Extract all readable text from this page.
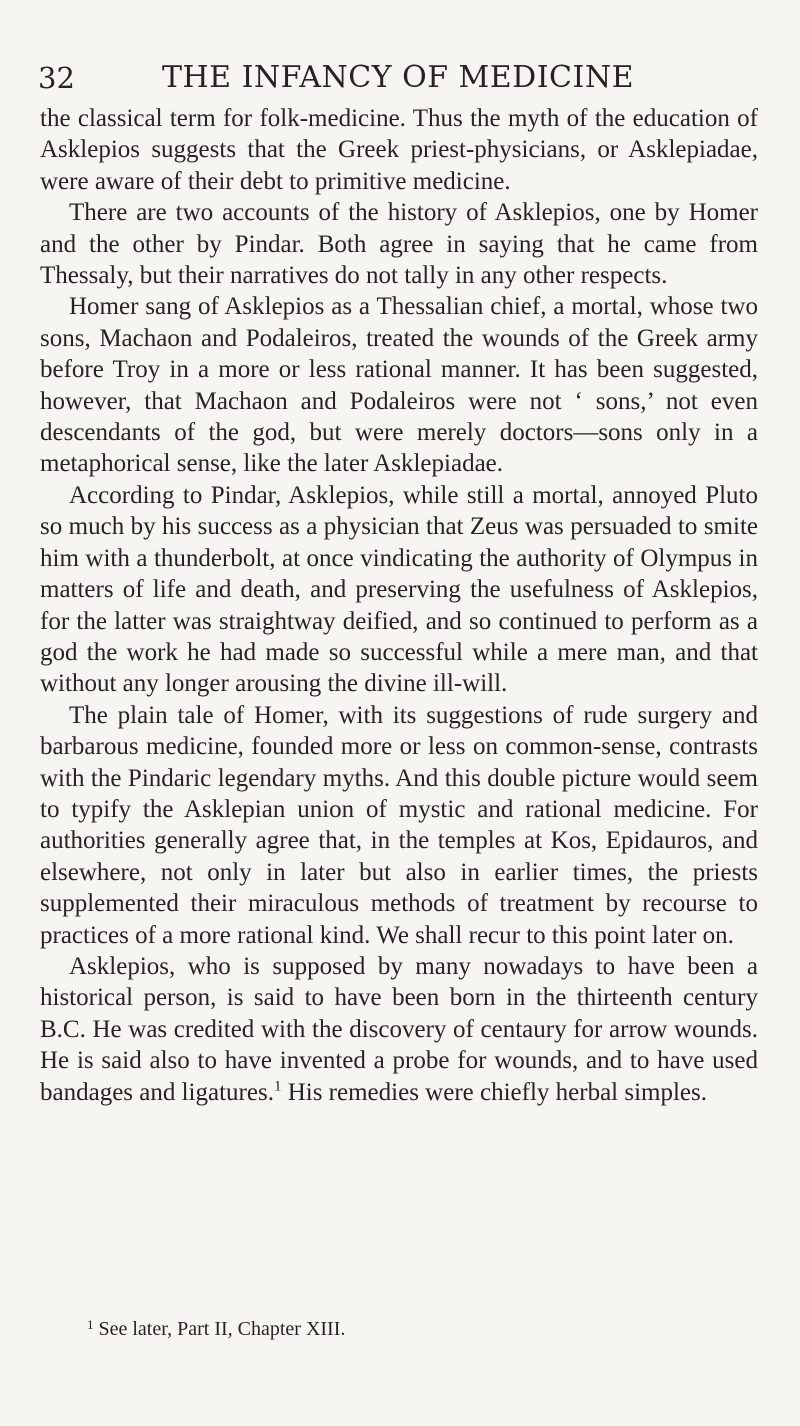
32	THE INFANCY OF MEDICINE

the classical term for folk-medicine. Thus the myth of the education of Asklepios suggests that the Greek priest-physicians, or Asklepiadae, were aware of their debt to primitive medicine.

There are two accounts of the history of Asklepios, one by Homer and the other by Pindar. Both agree in saying that he came from Thessaly, but their narratives do not tally in any other respects.

Homer sang of Asklepios as a Thessalian chief, a mortal, whose two sons, Machaon and Podaleiros, treated the wounds of the Greek army before Troy in a more or less rational manner. It has been suggested, however, that Machaon and Podaleiros were not ‘ sons,’ not even descendants of the god, but were merely doctors—sons only in a metaphorical sense, like the later Asklepiadae.

According to Pindar, Asklepios, while still a mortal, annoyed Pluto so much by his success as a physician that Zeus was persuaded to smite him with a thunderbolt, at once vindicating the authority of Olympus in matters of life and death, and preserving the usefulness of Asklepios, for the latter was straightway deified, and so continued to perform as a god the work he had made so successful while a mere man, and that without any longer arousing the divine ill-will.

The plain tale of Homer, with its suggestions of rude surgery and barbarous medicine, founded more or less on common-sense, contrasts with the Pindaric legendary myths. And this double picture would seem to typify the Asklepian union of mystic and rational medicine. For authorities generally agree that, in the temples at Kos, Epidauros, and elsewhere, not only in later but also in earlier times, the priests supplemented their miraculous methods of treatment by recourse to practices of a more rational kind. We shall recur to this point later on.

Asklepios, who is supposed by many nowadays to have been a historical person, is said to have been born in the thirteenth century B.C. He was credited with the discovery of centaury for arrow wounds. He is said also to have invented a probe for wounds, and to have used bandages and ligatures.$^1$ His remedies were chiefly herbal simples.

$^1$ See later, Part II, Chapter XIII.
